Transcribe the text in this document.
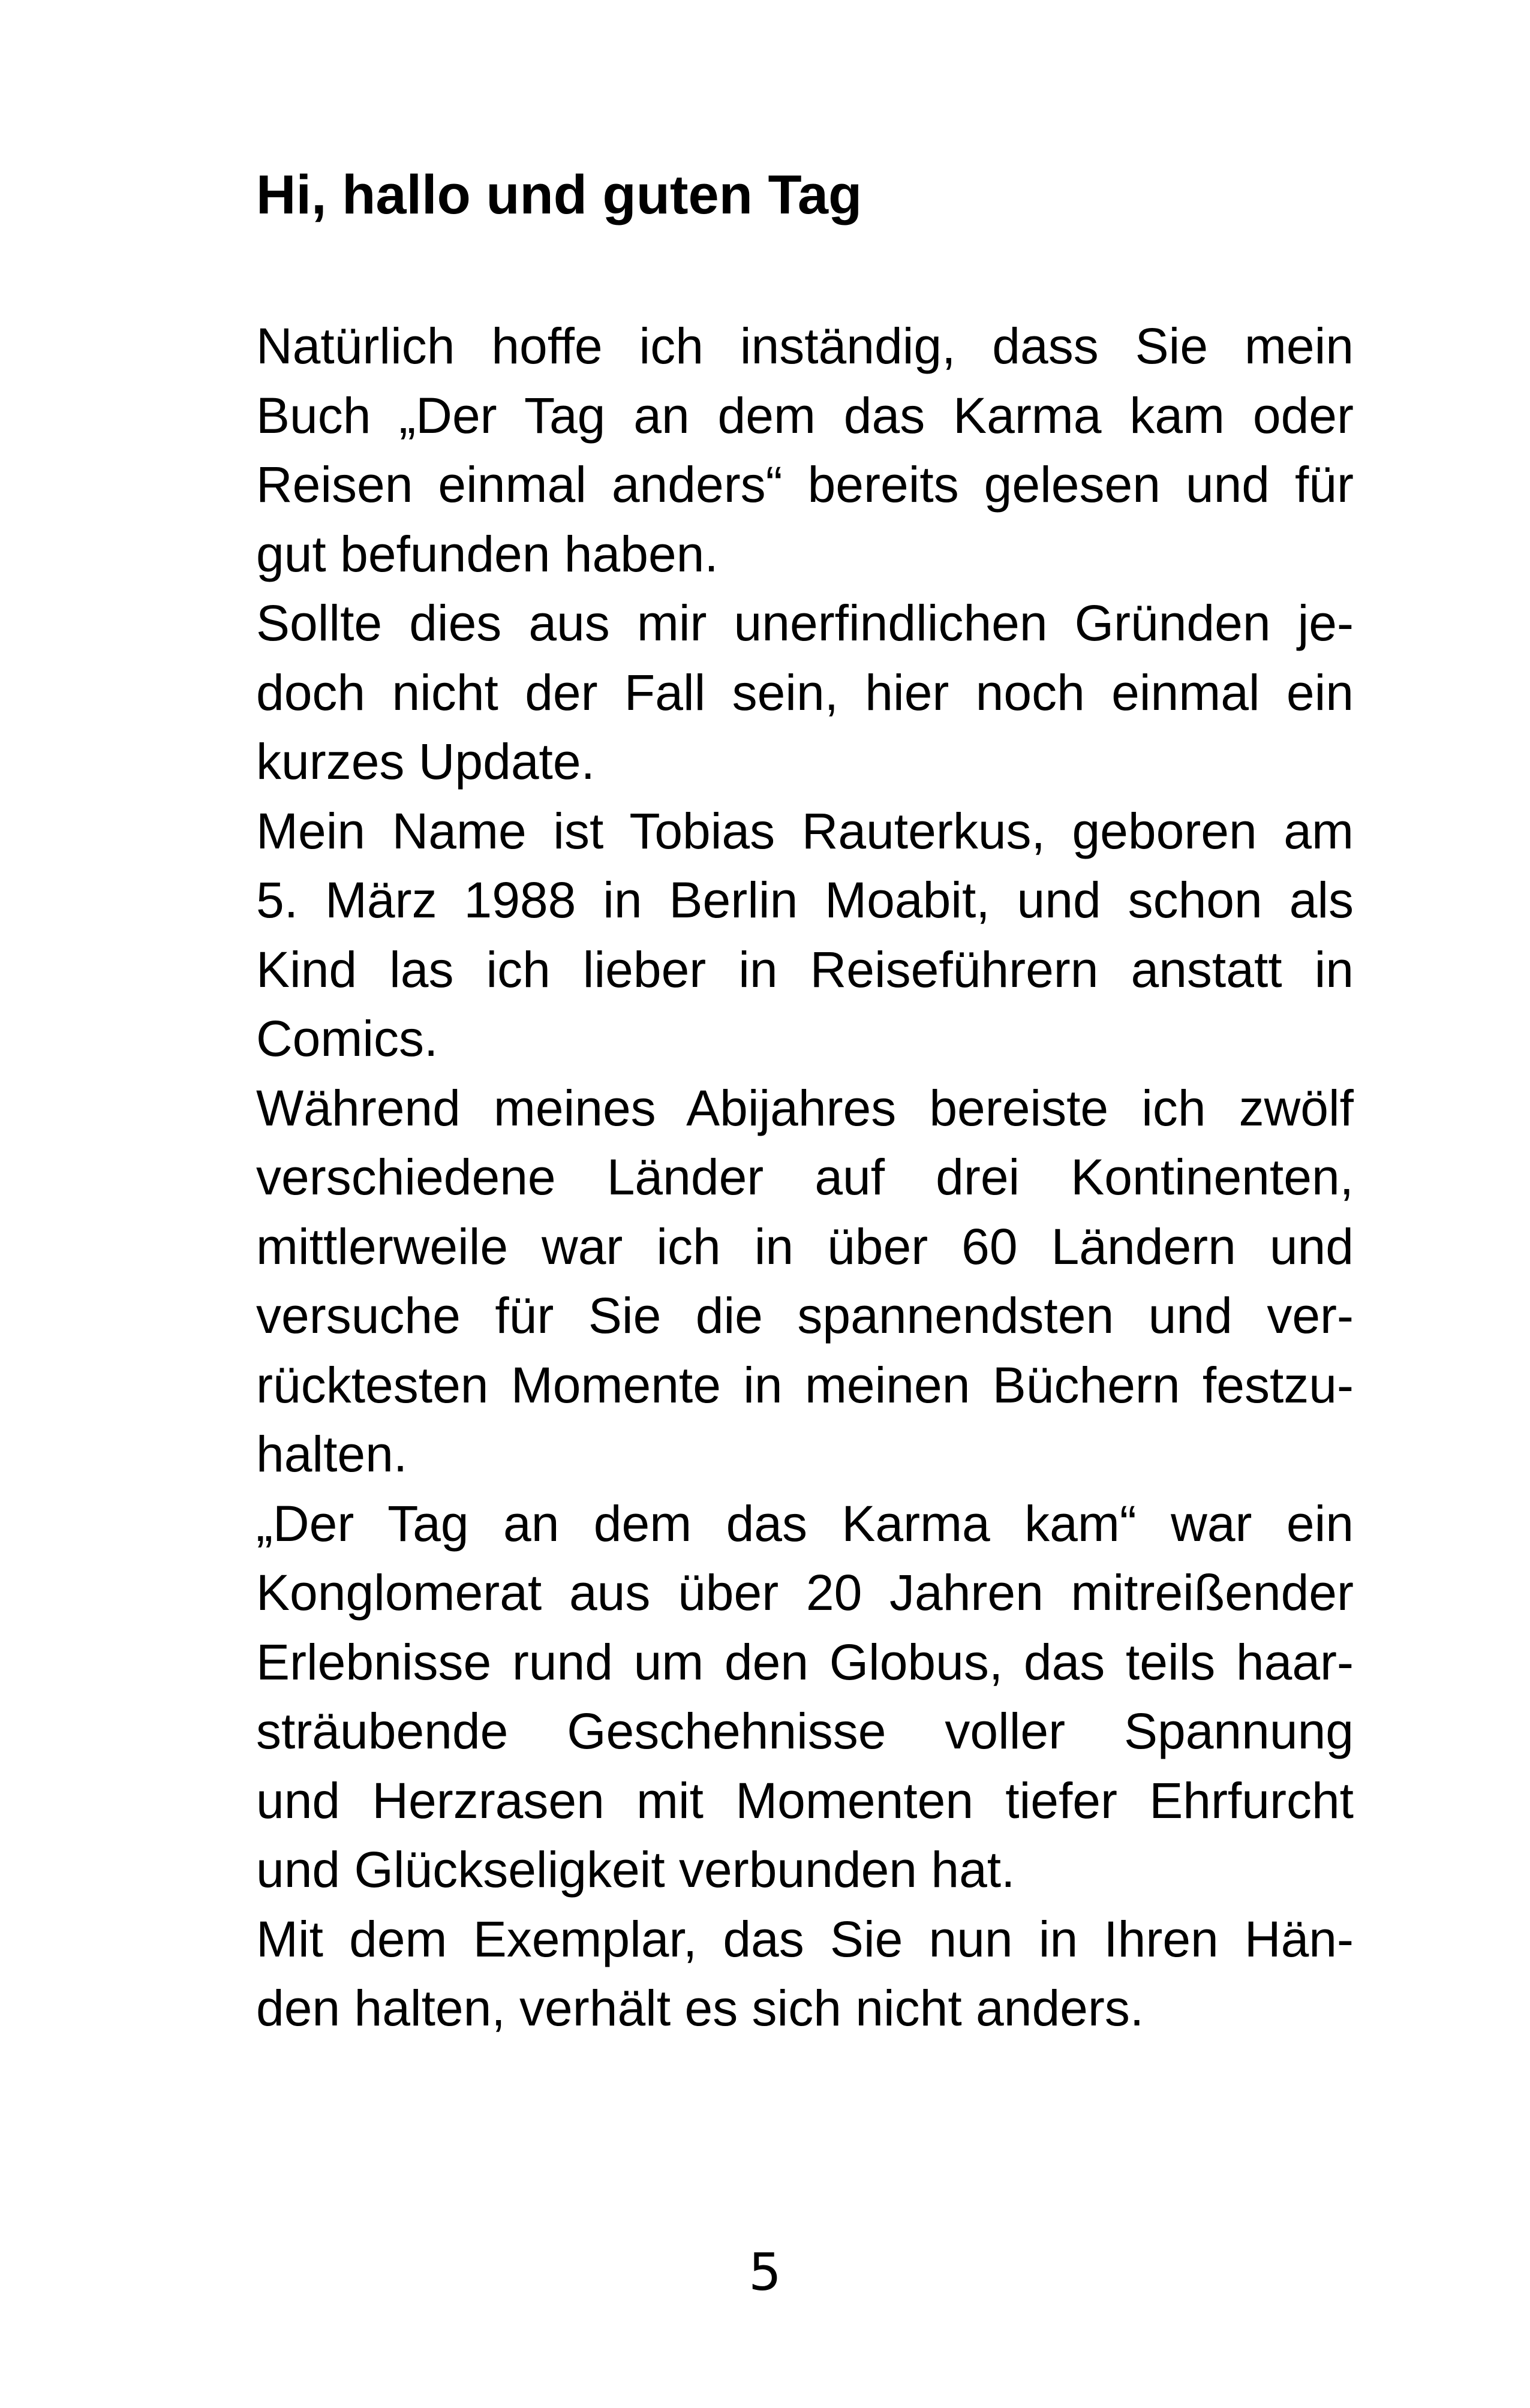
Hi, hallo und guten Tag
Natürlich hoffe ich inständig, dass Sie mein
Buch „Der Tag an dem das Karma kam oder
Reisen einmal anders“ bereits gelesen und für
gut befunden haben.
Sollte dies aus mir unerfindlichen Gründen je-
doch nicht der Fall sein, hier noch einmal ein
kurzes Update.
Mein Name ist Tobias Rauterkus, geboren am
5. März 1988 in Berlin Moabit, und schon als
Kind las ich lieber in Reiseführern anstatt in
Comics.
Während meines Abijahres bereiste ich zwölf
verschiedene Länder auf drei Kontinenten,
mittlerweile war ich in über 60 Ländern und
versuche für Sie die spannendsten und ver-
rücktesten Momente in meinen Büchern festzu-
halten.
„Der Tag an dem das Karma kam“ war ein
Konglomerat aus über 20 Jahren mitreißender
Erlebnisse rund um den Globus, das teils haar-
sträubende Geschehnisse voller Spannung
und Herzrasen mit Momenten tiefer Ehrfurcht
und Glückseligkeit verbunden hat.
Mit dem Exemplar, das Sie nun in Ihren Hän-
den halten, verhält es sich nicht anders.
5
